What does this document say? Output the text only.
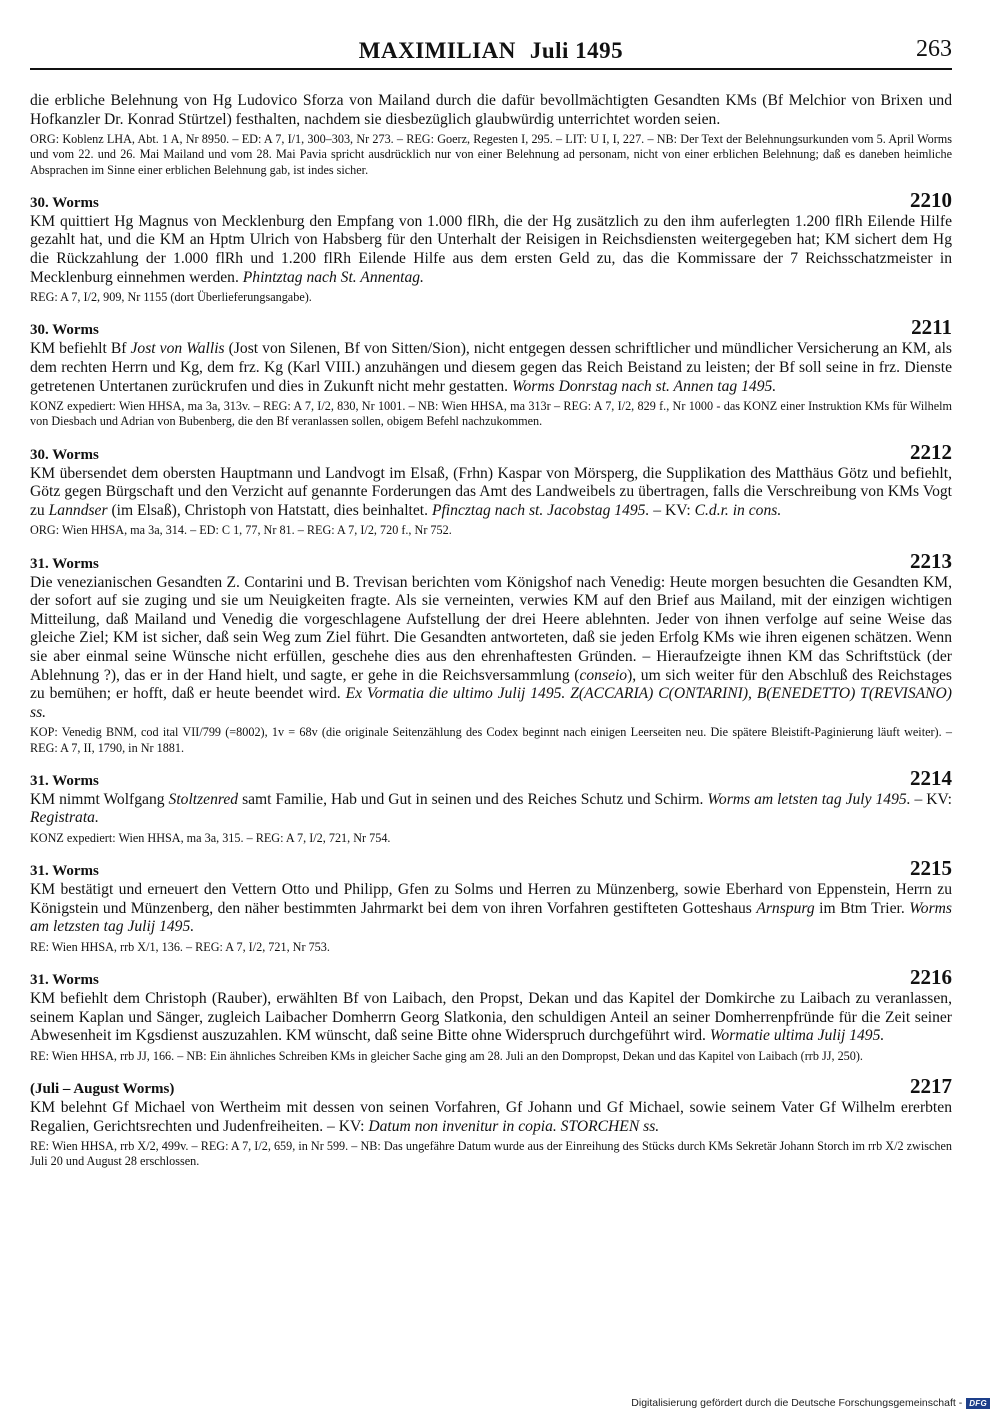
MAXIMILIAN Juli 1495	263

die erbliche Belehnung von Hg Ludovico Sforza von Mailand durch die dafür bevollmächtigten Gesandten KMs (Bf Melchior von Brixen und Hofkanzler Dr. Konrad Stürtzel) festhalten, nachdem sie diesbezüglich glaubwürdig unterrichtet worden seien.

ORG: Koblenz LHA, Abt. 1 A, Nr 8950. – ED: A 7, I/1, 300–303, Nr 273. – REG: Goerz, Regesten I, 295. – LIT: U I, I, 227. – NB: Der Text der Belehnungsurkunden vom 5. April Worms und vom 22. und 26. Mai Mailand und vom 28. Mai Pavia spricht ausdrücklich nur von einer Belehnung ad personam, nicht von einer erblichen Belehnung; daß es daneben heimliche Absprachen im Sinne einer erblichen Belehnung gab, ist indes sicher.

30. Worms	2210

KM quittiert Hg Magnus von Mecklenburg den Empfang von 1.000 flRh, die der Hg zusätzlich zu den ihm auferlegten 1.200 flRh Eilende Hilfe gezahlt hat, und die KM an Hptm Ulrich von Habsberg für den Unterhalt der Reisigen in Reichsdiensten weitergegeben hat; KM sichert dem Hg die Rückzahlung der 1.000 flRh und 1.200 flRh Eilende Hilfe aus dem ersten Geld zu, das die Kommissare der 7 Reichsschatzmeister in Mecklenburg einnehmen werden. Phintztag nach St. Annentag.

REG: A 7, I/2, 909, Nr 1155 (dort Überlieferungsangabe).

30. Worms	2211

KM befiehlt Bf Jost von Wallis (Jost von Silenen, Bf von Sitten/Sion), nicht entgegen dessen schriftlicher und mündlicher Versicherung an KM, als dem rechten Herrn und Kg, dem frz. Kg (Karl VIII.) anzuhängen und diesem gegen das Reich Beistand zu leisten; der Bf soll seine in frz. Dienste getretenen Untertanen zurückrufen und dies in Zukunft nicht mehr gestatten. Worms Donrstag nach st. Annen tag 1495.

KONZ expediert: Wien HHSA, ma 3a, 313v. – REG: A 7, I/2, 830, Nr 1001. – NB: Wien HHSA, ma 313r – REG: A 7, I/2, 829 f., Nr 1000 - das KONZ einer Instruktion KMs für Wilhelm von Diesbach und Adrian von Bubenberg, die den Bf veranlassen sollen, obigem Befehl nachzukommen.

30. Worms	2212

KM übersendet dem obersten Hauptmann und Landvogt im Elsaß, (Frhn) Kaspar von Mörsperg, die Supplikation des Matthäus Götz und befiehlt, Götz gegen Bürgschaft und den Verzicht auf genannte Forderungen das Amt des Landweibels zu übertragen, falls die Verschreibung von KMs Vogt zu Lanndser (im Elsaß), Christoph von Hatstatt, dies beinhaltet. Pfincztag nach st. Jacobstag 1495. – KV: C.d.r. in cons.

ORG: Wien HHSA, ma 3a, 314. – ED: C 1, 77, Nr 81. – REG: A 7, I/2, 720 f., Nr 752.

31. Worms	2213

Die venezianischen Gesandten Z. Contarini und B. Trevisan berichten vom Königshof nach Venedig: Heute morgen besuchten die Gesandten KM, der sofort auf sie zuging und sie um Neuigkeiten fragte. Als sie verneinten, verwies KM auf den Brief aus Mailand, mit der einzigen wichtigen Mitteilung, daß Mailand und Venedig die vorgeschlagene Aufstellung der drei Heere ablehnten. Jeder von ihnen verfolge auf seine Weise das gleiche Ziel; KM ist sicher, daß sein Weg zum Ziel führt. Die Gesandten antworteten, daß sie jeden Erfolg KMs wie ihren eigenen schätzen. Wenn sie aber einmal seine Wünsche nicht erfüllen, geschehe dies aus den ehrenhaftesten Gründen. – Hieraufzeigte ihnen KM das Schriftstück (der Ablehnung ?), das er in der Hand hielt, und sagte, er gehe in die Reichsversammlung (conseio), um sich weiter für den Abschluß des Reichstages zu bemühen; er hofft, daß er heute beendet wird. Ex Vormatia die ultimo Julij 1495. Z(ACCARIA) C(ONTARINI), B(ENEDETTO) T(REVISANO) ss.

KOP: Venedig BNM, cod ital VII/799 (=8002), 1v = 68v (die originale Seitenzählung des Codex beginnt nach einigen Leerseiten neu. Die spätere Bleistift-Paginierung läuft weiter). – REG: A 7, II, 1790, in Nr 1881.

31. Worms	2214

KM nimmt Wolfgang Stoltzenred samt Familie, Hab und Gut in seinen und des Reiches Schutz und Schirm. Worms am letsten tag July 1495. – KV: Registrata.

KONZ expediert: Wien HHSA, ma 3a, 315. – REG: A 7, I/2, 721, Nr 754.

31. Worms	2215

KM bestätigt und erneuert den Vettern Otto und Philipp, Gfen zu Solms und Herren zu Münzenberg, sowie Eberhard von Eppenstein, Herrn zu Königstein und Münzenberg, den näher bestimmten Jahrmarkt bei dem von ihren Vorfahren gestifteten Gotteshaus Arnspurg im Btm Trier. Worms am letzsten tag Julij 1495.

RE: Wien HHSA, rrb X/1, 136. – REG: A 7, I/2, 721, Nr 753.

31. Worms	2216

KM befiehlt dem Christoph (Rauber), erwählten Bf von Laibach, den Propst, Dekan und das Kapitel der Domkirche zu Laibach zu veranlassen, seinem Kaplan und Sänger, zugleich Laibacher Domherrn Georg Slatkonia, den schuldigen Anteil an seiner Domherrenpfründe für die Zeit seiner Abwesenheit im Kgsdienst auszuzahlen. KM wünscht, daß seine Bitte ohne Widerspruch durchgeführt wird. Wormatie ultima Julij 1495.

RE: Wien HHSA, rrb JJ, 166. – NB: Ein ähnliches Schreiben KMs in gleicher Sache ging am 28. Juli an den Dompropst, Dekan und das Kapitel von Laibach (rrb JJ, 250).

(Juli – August Worms)	2217

KM belehnt Gf Michael von Wertheim mit dessen von seinen Vorfahren, Gf Johann und Gf Michael, sowie seinem Vater Gf Wilhelm ererbten Regalien, Gerichtsrechten und Judenfreiheiten. – KV: Datum non invenitur in copia. STORCHEN ss.

RE: Wien HHSA, rrb X/2, 499v. – REG: A 7, I/2, 659, in Nr 599. – NB: Das ungefähre Datum wurde aus der Einreihung des Stücks durch KMs Sekretär Johann Storch im rrb X/2 zwischen Juli 20 und August 28 erschlossen.

Digitalisierung gefördert durch die Deutsche Forschungsgemeinschaft - DFG
